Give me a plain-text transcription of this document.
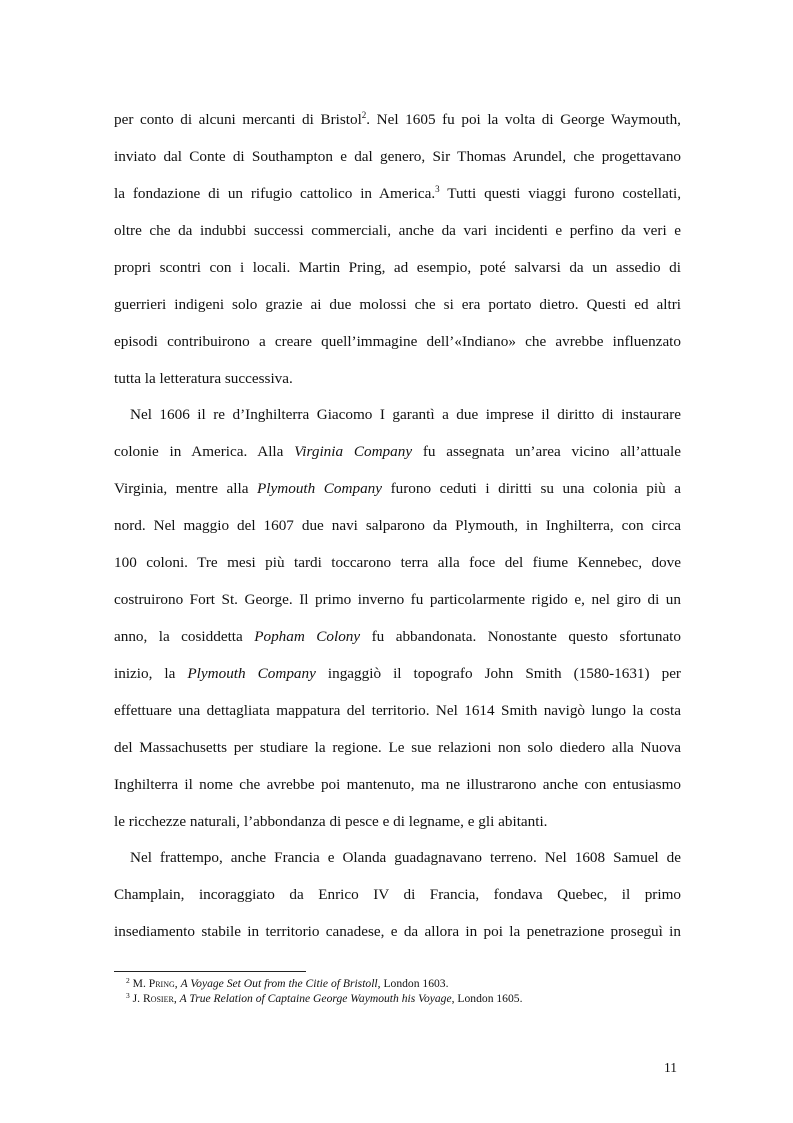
per conto di alcuni mercanti di Bristol$^2$. Nel 1605 fu poi la volta di George Waymouth,
inviato dal Conte di Southampton e dal genero, Sir Thomas Arundel, che progettavano
la fondazione di un rifugio cattolico in America.$^3$ Tutti questi viaggi furono costellati,
oltre che da indubbi successi commerciali, anche da vari incidenti e perfino da veri e
propri scontri con i locali. Martin Pring, ad esempio, poté salvarsi da un assedio di
guerrieri indigeni solo grazie ai due molossi che si era portato dietro. Questi ed altri
episodi contribuirono a creare quell’immagine dell’«Indiano» che avrebbe influenzato
tutta la letteratura successiva.
Nel 1606 il re d’Inghilterra Giacomo I garantì a due imprese il diritto di instaurare
colonie in America. Alla Virginia Company fu assegnata un’area vicino all’attuale
Virginia, mentre alla Plymouth Company furono ceduti i diritti su una colonia più a
nord. Nel maggio del 1607 due navi salparono da Plymouth, in Inghilterra, con circa
100 coloni. Tre mesi più tardi toccarono terra alla foce del fiume Kennebec, dove
costruirono Fort St. George. Il primo inverno fu particolarmente rigido e, nel giro di un
anno, la cosiddetta Popham Colony fu abbandonata. Nonostante questo sfortunato
inizio, la Plymouth Company ingaggiò il topografo John Smith (1580-1631) per
effettuare una dettagliata mappatura del territorio. Nel 1614 Smith navigò lungo la costa
del Massachusetts per studiare la regione. Le sue relazioni non solo diedero alla Nuova
Inghilterra il nome che avrebbe poi mantenuto, ma ne illustrarono anche con entusiasmo
le ricchezze naturali, l’abbondanza di pesce e di legname, e gli abitanti.
Nel frattempo, anche Francia e Olanda guadagnavano terreno. Nel 1608 Samuel de
Champlain, incoraggiato da Enrico IV di Francia, fondava Quebec, il primo
insediamento stabile in territorio canadese, e da allora in poi la penetrazione proseguì in
$^2$ M. Pring, A Voyage Set Out from the Citie of Bristoll, London 1603.
$^3$ J. Rosier, A True Relation of Captaine George Waymouth his Voyage, London 1605.
11
